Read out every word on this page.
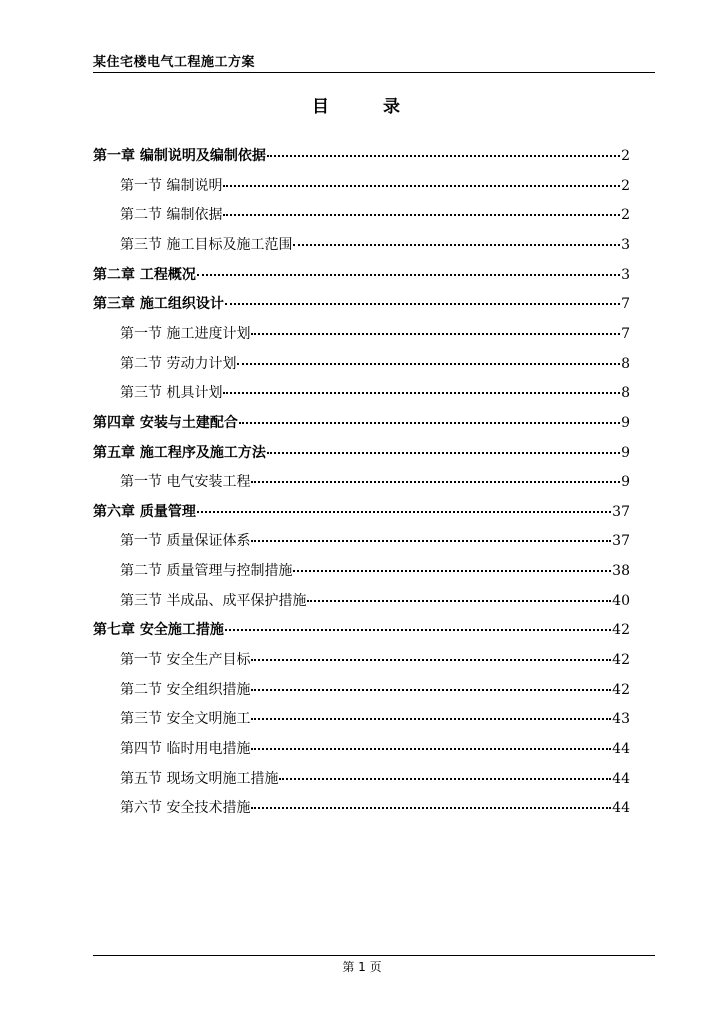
某住宅楼电气工程施工方案
目 录
第一章 编制说明及编制依据	2
第一节 编制说明	2
第二节 编制依据	2
第三节 施工目标及施工范围	3
第二章 工程概况	3
第三章 施工组织设计	7
第一节 施工进度计划	7
第二节 劳动力计划	8
第三节 机具计划	8
第四章 安装与土建配合	9
第五章 施工程序及施工方法	9
第一节 电气安装工程	9
第六章 质量管理	37
第一节 质量保证体系	37
第二节 质量管理与控制措施	38
第三节 半成品、成平保护措施	40
第七章 安全施工措施	42
第一节 安全生产目标	42
第二节 安全组织措施	42
第三节 安全文明施工	43
第四节 临时用电措施	44
第五节 现场文明施工措施	44
第六节 安全技术措施	44
第 1 页
